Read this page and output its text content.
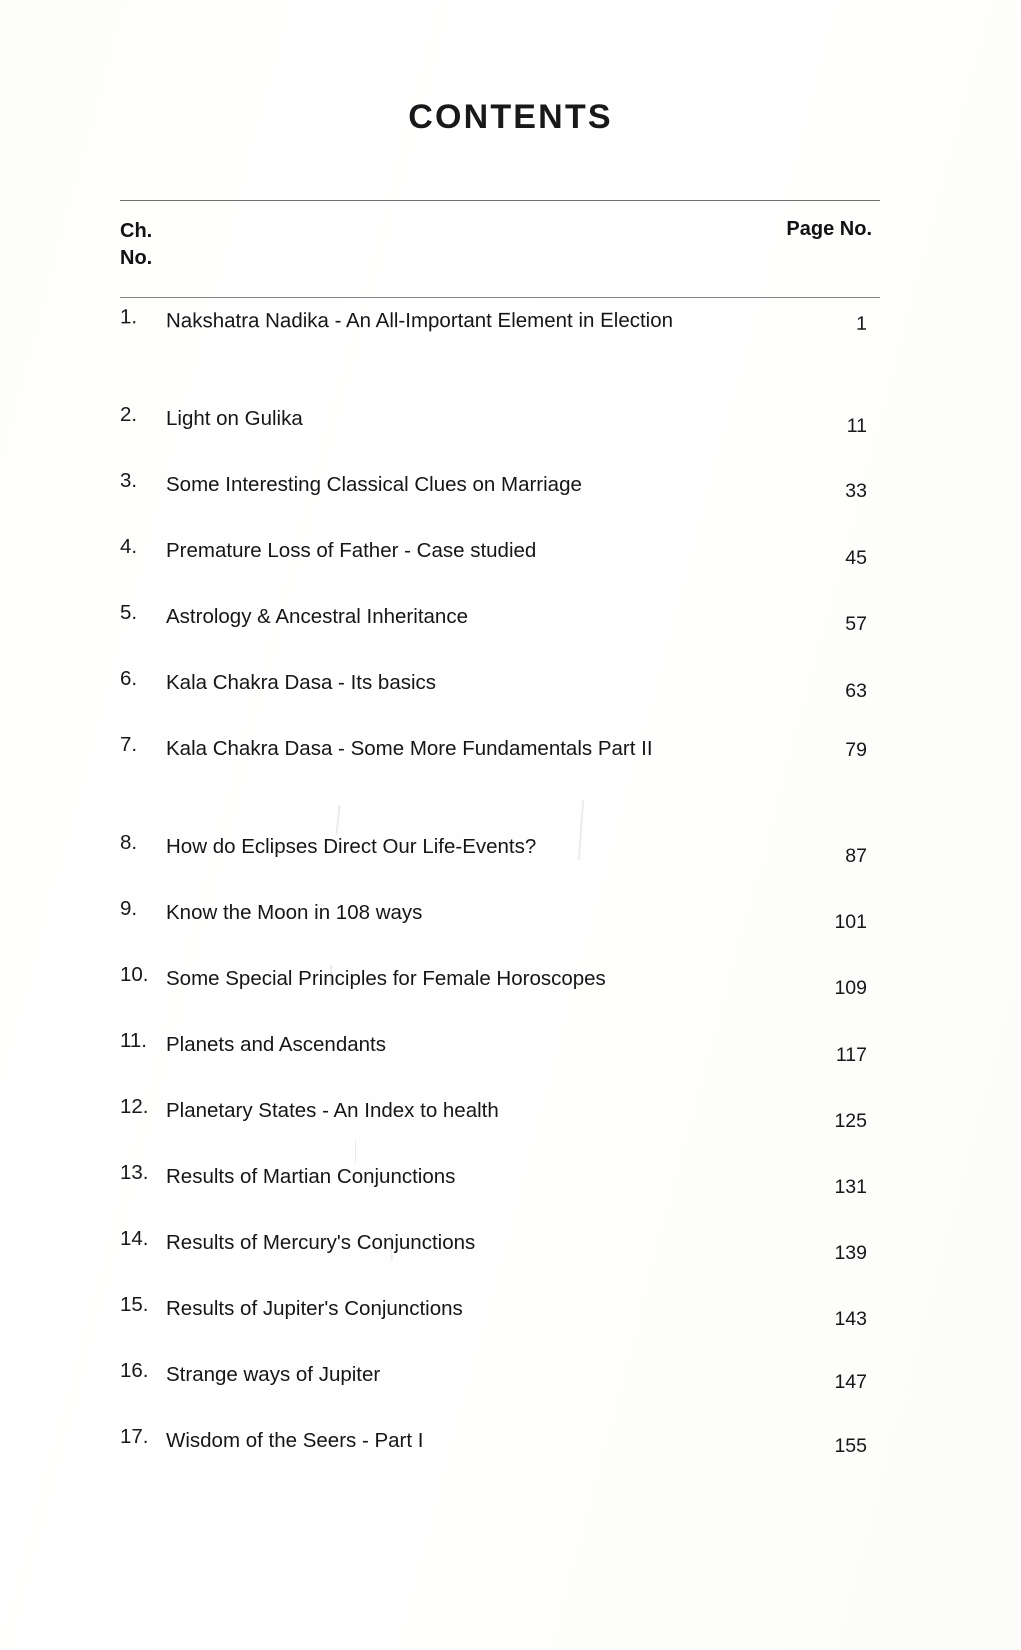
CONTENTS
Ch.
No.
Page No.
1.	Nakshatra Nadika - An All-Important Element in Election	1
2.	Light on Gulika	11
3.	Some Interesting Classical Clues on Marriage	33
4.	Premature Loss of Father - Case studied	45
5.	Astrology & Ancestral Inheritance	57
6.	Kala Chakra Dasa - Its basics	63
7.	Kala Chakra Dasa - Some More Fundamentals Part II	79
8.	How do Eclipses Direct Our Life-Events?	87
9.	Know the Moon in 108 ways	101
10. Some Special Principles for Female Horoscopes	109
11. Planets and Ascendants	117
12. Planetary States - An Index to health	125
13. Results of Martian Conjunctions	131
14. Results of Mercury's Conjunctions	139
15. Results of Jupiter's Conjunctions	143
16. Strange ways of Jupiter	147
17. Wisdom of the Seers - Part I	155
